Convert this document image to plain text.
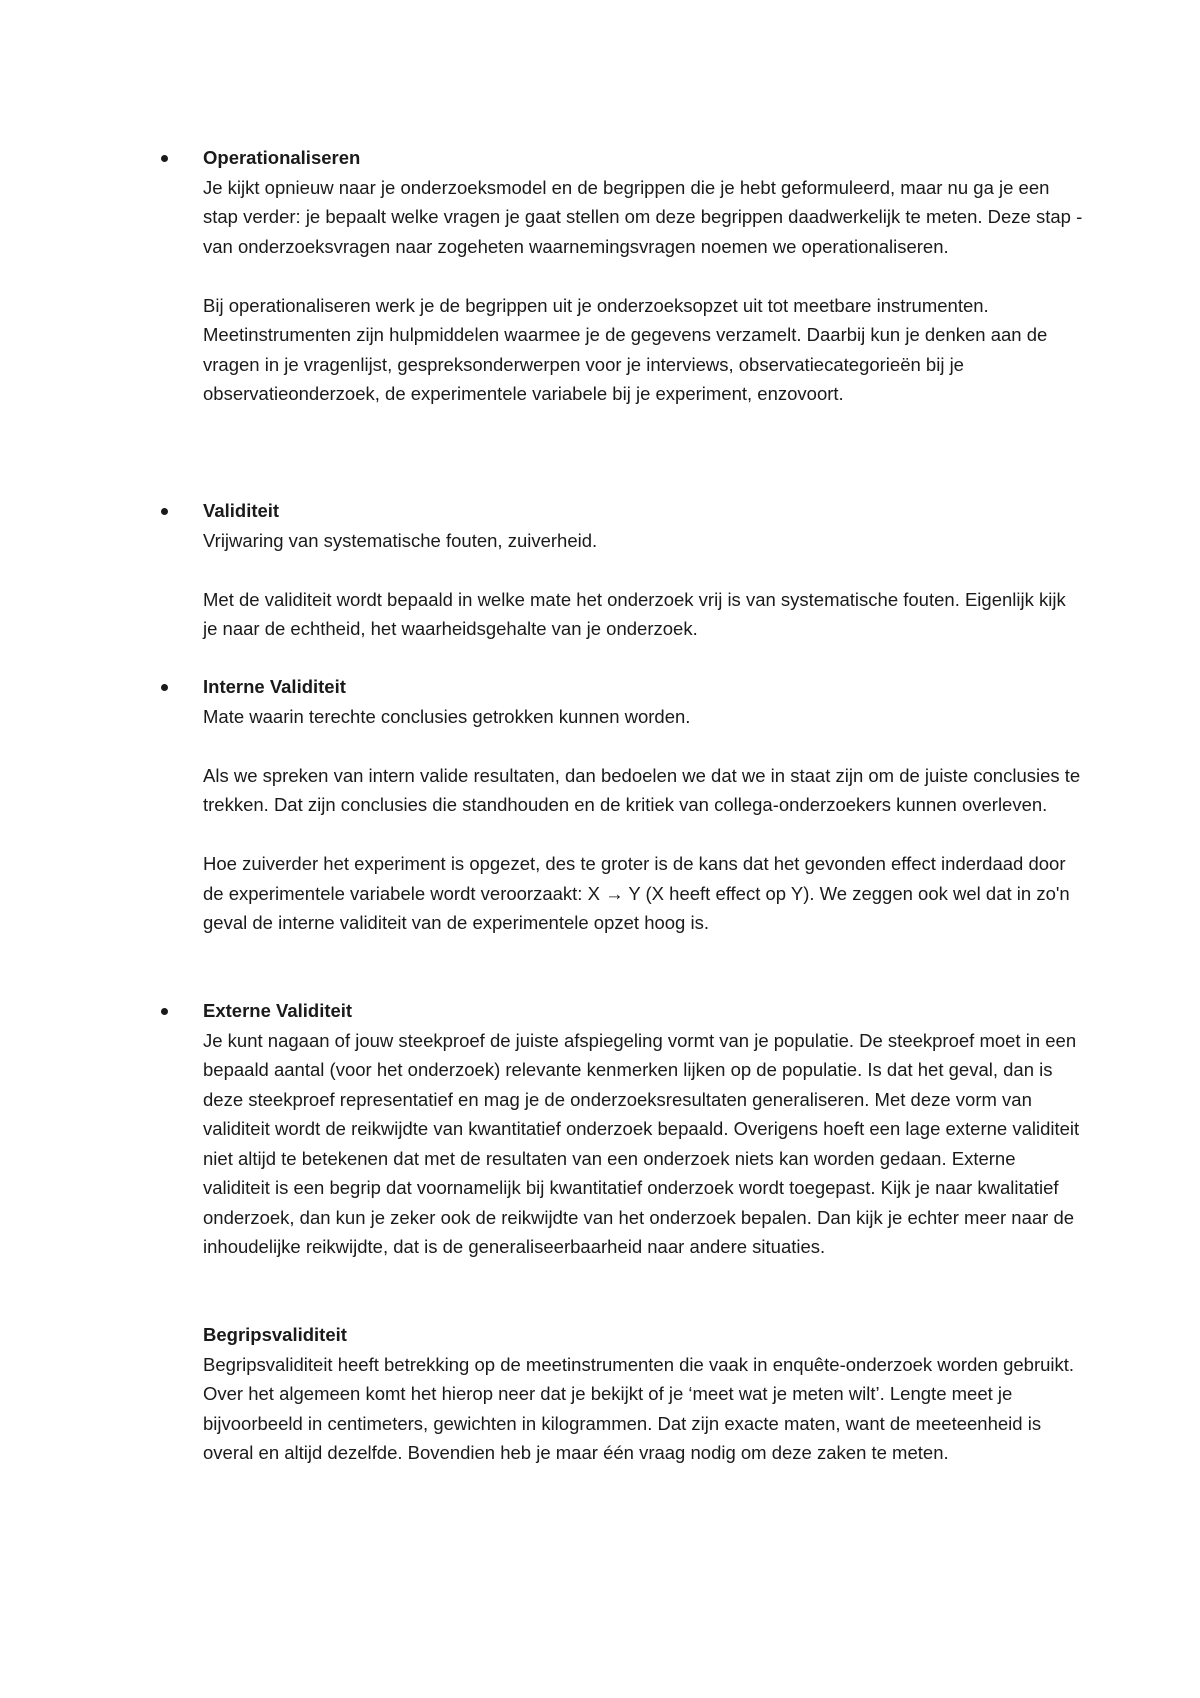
Operationaliseren

Je kijkt opnieuw naar je onderzoeksmodel en de begrippen die je hebt geformuleerd, maar nu ga je een stap verder: je bepaalt welke vragen je gaat stellen om deze begrippen daadwerkelijk te meten. Deze stap - van onderzoeksvragen naar zogeheten waarnemingsvragen noemen we operationaliseren.

Bij operationaliseren werk je de begrippen uit je onderzoeksopzet uit tot meetbare instrumenten. Meetinstrumenten zijn hulpmiddelen waarmee je de gegevens verzamelt. Daarbij kun je denken aan de vragen in je vragenlijst, gespreksonderwerpen voor je interviews, observatiecategorieën bij je observatieonderzoek, de experimentele variabele bij je experiment, enzovoort.

Validiteit

Vrijwaring van systematische fouten, zuiverheid.

Met de validiteit wordt bepaald in welke mate het onderzoek vrij is van systematische fouten. Eigenlijk kijk je naar de echtheid, het waarheidsgehalte van je onderzoek.

Interne Validiteit

Mate waarin terechte conclusies getrokken kunnen worden.

Als we spreken van intern valide resultaten, dan bedoelen we dat we in staat zijn om de juiste conclusies te trekken. Dat zijn conclusies die standhouden en de kritiek van collega-onderzoekers kunnen overleven.

Hoe zuiverder het experiment is opgezet, des te groter is de kans dat het gevonden effect inderdaad door de experimentele variabele wordt veroorzaakt: X → Y (X heeft effect op Y). We zeggen ook wel dat in zo'n geval de interne validiteit van de experimentele opzet hoog is.

Externe Validiteit

Je kunt nagaan of jouw steekproef de juiste afspiegeling vormt van je populatie. De steekproef moet in een bepaald aantal (voor het onderzoek) relevante kenmerken lijken op de populatie. Is dat het geval, dan is deze steekproef representatief en mag je de onderzoeksresultaten generaliseren. Met deze vorm van validiteit wordt de reikwijdte van kwantitatief onderzoek bepaald. Overigens hoeft een lage externe validiteit niet altijd te betekenen dat met de resultaten van een onderzoek niets kan worden gedaan. Externe validiteit is een begrip dat voornamelijk bij kwantitatief onderzoek wordt toegepast. Kijk je naar kwalitatief onderzoek, dan kun je zeker ook de reikwijdte van het onderzoek bepalen. Dan kijk je echter meer naar de inhoudelijke reikwijdte, dat is de generaliseerbaarheid naar andere situaties.

Begripsvaliditeit

Begripsvaliditeit heeft betrekking op de meetinstrumenten die vaak in enquête-onderzoek worden gebruikt. Over het algemeen komt het hierop neer dat je bekijkt of je ‘meet wat je meten wilt’. Lengte meet je bijvoorbeeld in centimeters, gewichten in kilogrammen. Dat zijn exacte maten, want de meeteenheid is overal en altijd dezelfde. Bovendien heb je maar één vraag nodig om deze zaken te meten.
